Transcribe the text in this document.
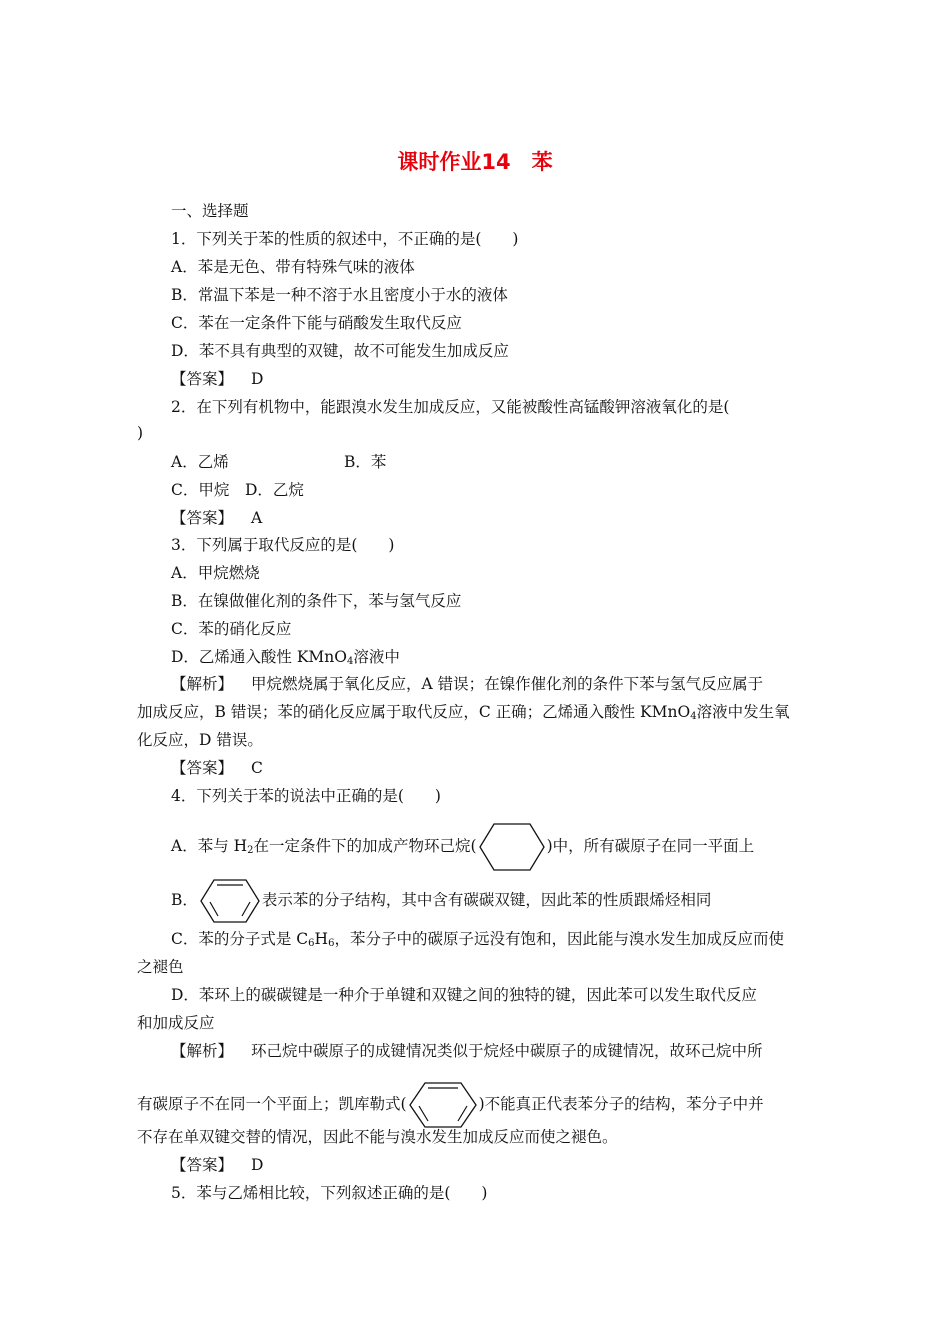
课时作业14　苯
一、选择题
1．下列关于苯的性质的叙述中，不正确的是(　　)
A．苯是无色、带有特殊气味的液体
B．常温下苯是一种不溶于水且密度小于水的液体
C．苯在一定条件下能与硝酸发生取代反应
D．苯不具有典型的双键，故不可能发生加成反应
【答案】 D
2．在下列有机物中，能跟溴水发生加成反应，又能被酸性高锰酸钾溶液氧化的是(
)
A．乙烯	B．苯
C．甲烷 D．乙烷
【答案】 A
3．下列属于取代反应的是(　　)
A．甲烷燃烧
B．在镍做催化剂的条件下，苯与氢气反应
C．苯的硝化反应
D．乙烯通入酸性 KMnO$_4$溶液中
【解析】 甲烷燃烧属于氧化反应，A 错误；在镍作催化剂的条件下苯与氢气反应属于
加成反应，B 错误；苯的硝化反应属于取代反应，C 正确；乙烯通入酸性 KMnO$_4$溶液中发生氧
化反应，D 错误。
【答案】 C
4．下列关于苯的说法中正确的是(　　)
A．苯与 $H_2$在一定条件下的加成产物环己烷(	)中，所有碳原子在同一平面上
B．	表示苯的分子结构，其中含有碳碳双键，因此苯的性质跟烯烃相同
C．苯的分子式是 $C_6H_6$，苯分子中的碳原子远没有饱和，因此能与溴水发生加成反应而使
之褪色
D．苯环上的碳碳键是一种介于单键和双键之间的独特的键，因此苯可以发生取代反应
和加成反应
【解析】 环己烷中碳原子的成键情况类似于烷烃中碳原子的成键情况，故环己烷中所
有碳原子不在同一个平面上；凯库勒式(	)不能真正代表苯分子的结构，苯分子中并
不存在单双键交替的情况，因此不能与溴水发生加成反应而使之褪色。
【答案】 D
5．苯与乙烯相比较，下列叙述正确的是(　　)
